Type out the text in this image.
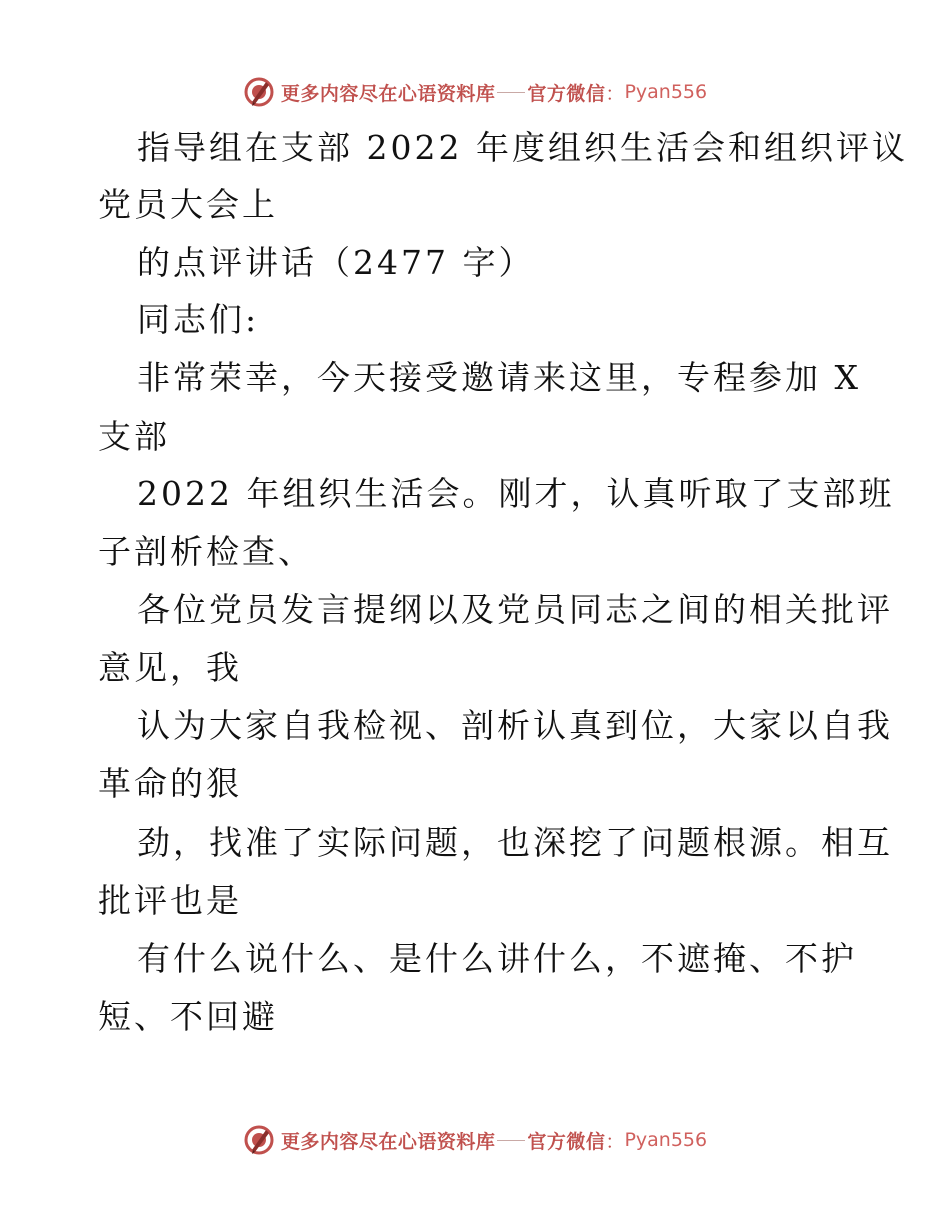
更多内容尽在心语资料库 官方微信 ： Pyan556
指导组在支部 2022 年度组织生活会和组织评议
党员大会上
的点评讲话（2477 字）
同志们:
非常荣幸，今天接受邀请来这里，专程参加 X
支部
2022 年组织生活会。刚才，认真听取了支部班
子剖析检查、
各位党员发言提纲以及党员同志之间的相关批评
意见，我
认为大家自我检视、剖析认真到位，大家以自我
革命的狠
劲，找准了实际问题，也深挖了问题根源。相互
批评也是
有什么说什么、是什么讲什么，不遮掩、不护
短、不回避
更多内容尽在心语资料库 官方微信 ： Pyan556
